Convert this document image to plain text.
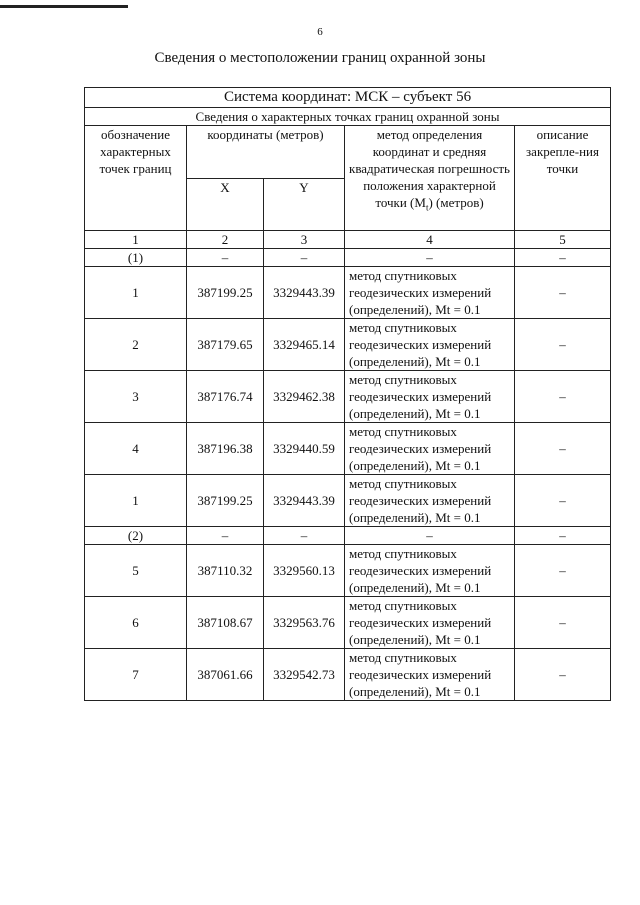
6
Сведения о местоположении границ охранной зоны
Система координат: МСК – субъект 56				
Сведения о характерных точках границ охранной зоны				
обозначение характерных точек границ	координаты (метров)		метод определения координат и средняя квадратическая погрешность положения характерной точки $(M_t)$ (метров)	описание закрепле-ния точки
	X	Y		
1	2	3	4	5
(1)	–	–	–	–
1	387199.25	3329443.39	метод спутниковых геодезических измерений (определений), Mt = 0.1	–
2	387179.65	3329465.14	метод спутниковых геодезических измерений (определений), Mt = 0.1	–
3	387176.74	3329462.38	метод спутниковых геодезических измерений (определений), Mt = 0.1	–
4	387196.38	3329440.59	метод спутниковых геодезических измерений (определений), Mt = 0.1	–
1	387199.25	3329443.39	метод спутниковых геодезических измерений (определений), Mt = 0.1	–
(2)	–	–	–	–
5	387110.32	3329560.13	метод спутниковых геодезических измерений (определений), Mt = 0.1	–
6	387108.67	3329563.76	метод спутниковых геодезических измерений (определений), Mt = 0.1	–
7	387061.66	3329542.73	метод спутниковых геодезических измерений (определений), Mt = 0.1	–
